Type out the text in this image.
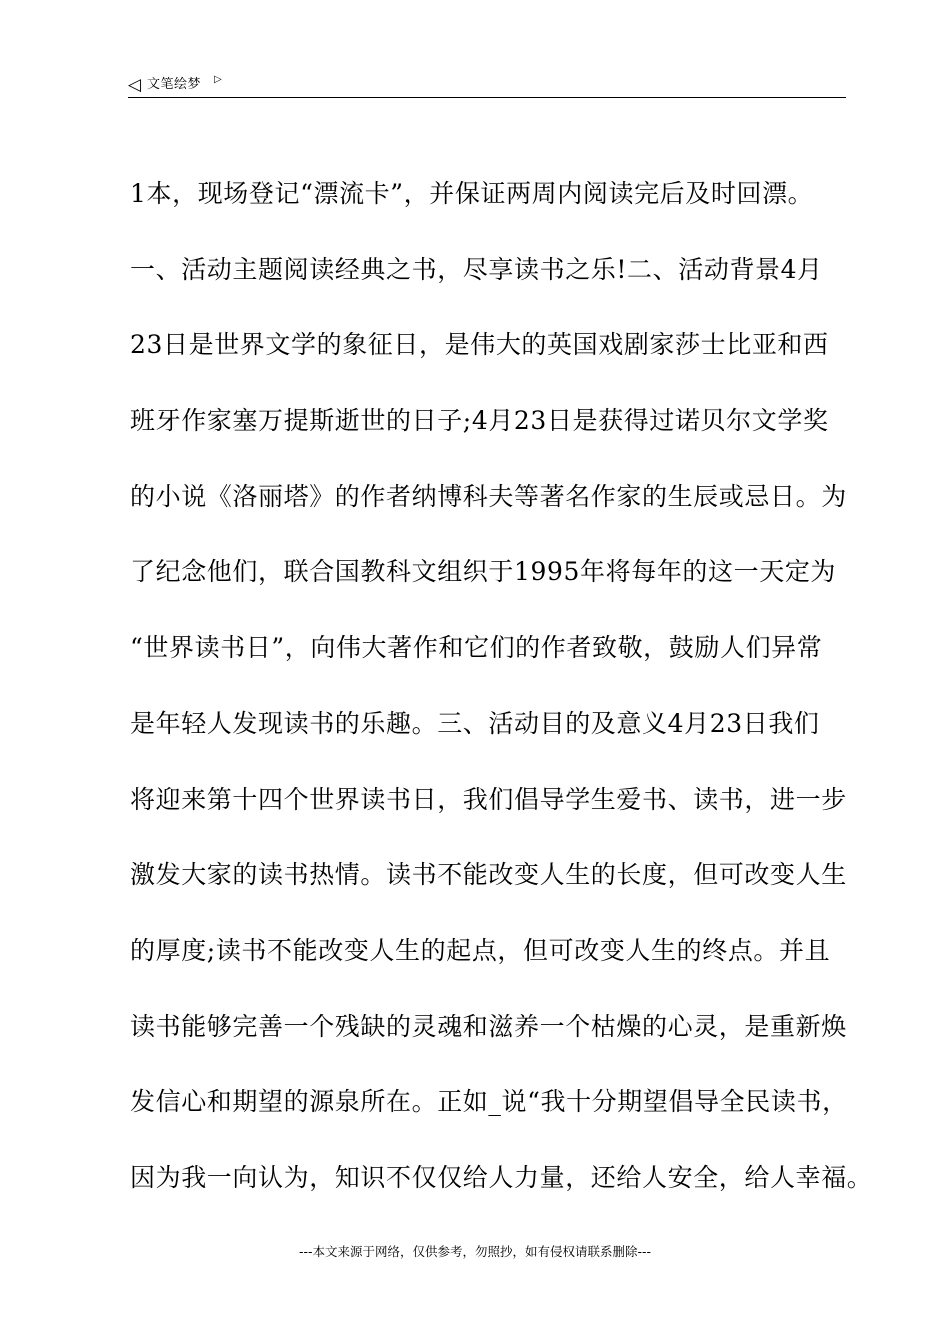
◁ 文笔绘梦 ▷
1本，现场登记“漂流卡”，并保证两周内阅读完后及时回漂。
一、活动主题阅读经典之书，尽享读书之乐!二、活动背景4月
23日是世界文学的象征日，是伟大的英国戏剧家莎士比亚和西
班牙作家塞万提斯逝世的日子;4月23日是获得过诺贝尔文学奖
的小说《洛丽塔》的作者纳博科夫等著名作家的生辰或忌日。为
了纪念他们，联合国教科文组织于1995年将每年的这一天定为
“世界读书日”，向伟大著作和它们的作者致敬，鼓励人们异常
是年轻人发现读书的乐趣。三、活动目的及意义4月23日我们
将迎来第十四个世界读书日，我们倡导学生爱书、读书，进一步
激发大家的读书热情。读书不能改变人生的长度，但可改变人生
的厚度;读书不能改变人生的起点，但可改变人生的终点。并且
读书能够完善一个残缺的灵魂和滋养一个枯燥的心灵，是重新焕
发信心和期望的源泉所在。正如_说“我十分期望倡导全民读书，
因为我一向认为，知识不仅仅给人力量，还给人安全，给人幸福。
---本文来源于网络，仅供参考，勿照抄，如有侵权请联系删除---
